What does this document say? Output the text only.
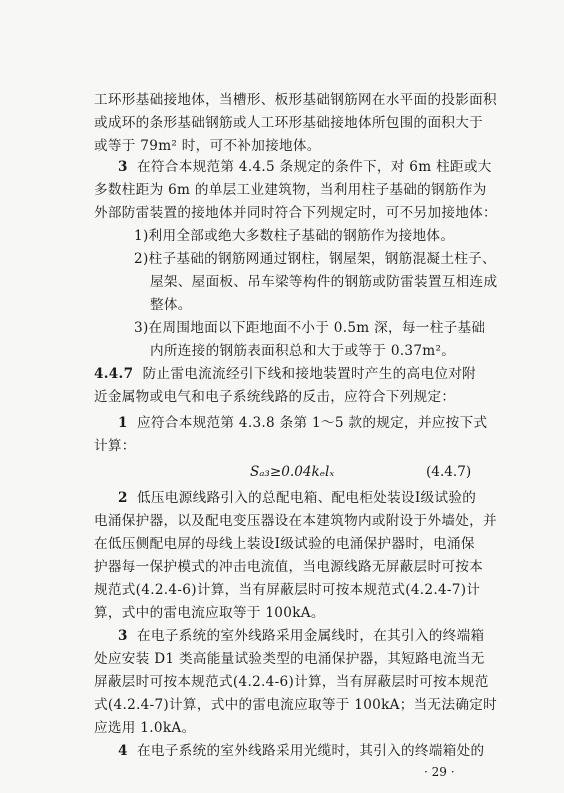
工环形基础接地体，当槽形、板形基础钢筋网在水平面的投影面积
或成环的条形基础钢筋或人工环形基础接地体所包围的面积大于
或等于 79m² 时，可不补加接地体。
3 在符合本规范第 4.4.5 条规定的条件下，对 6m 柱距或大
多数柱距为 6m 的单层工业建筑物，当利用柱子基础的钢筋作为
外部防雷装置的接地体并同时符合下列规定时，可不另加接地体：
1)利用全部或绝大多数柱子基础的钢筋作为接地体。
2)柱子基础的钢筋网通过钢柱，钢屋架，钢筋混凝土柱子、
屋架、屋面板、吊车梁等构件的钢筋或防雷装置互相连成
整体。
3)在周围地面以下距地面不小于 0.5m 深，每一柱子基础
内所连接的钢筋表面积总和大于或等于 0.37m²。
4.4.7 防止雷电流流经引下线和接地装置时产生的高电位对附
近金属物或电气和电子系统线路的反击，应符合下列规定：
1 应符合本规范第 4.3.8 条第 1～5 款的规定，并应按下式
计算：
Sₐ₃≥0.04kₑlₓ	(4.4.7)
2 低压电源线路引入的总配电箱、配电柜处装设Ⅰ级试验的
电涌保护器，以及配电变压器设在本建筑物内或附设于外墙处，并
在低压侧配电屏的母线上装设Ⅰ级试验的电涌保护器时，电涌保
护器每一保护模式的冲击电流值，当电源线路无屏蔽层时可按本
规范式(4.2.4-6)计算，当有屏蔽层时可按本规范式(4.2.4-7)计
算，式中的雷电流应取等于 100kA。
3 在电子系统的室外线路采用金属线时，在其引入的终端箱
处应安装 D1 类高能量试验类型的电涌保护器，其短路电流当无
屏蔽层时可按本规范式(4.2.4-6)计算，当有屏蔽层时可按本规范
式(4.2.4-7)计算，式中的雷电流应取等于 100kA；当无法确定时
应选用 1.0kA。
4 在电子系统的室外线路采用光缆时，其引入的终端箱处的
· 29 ·
